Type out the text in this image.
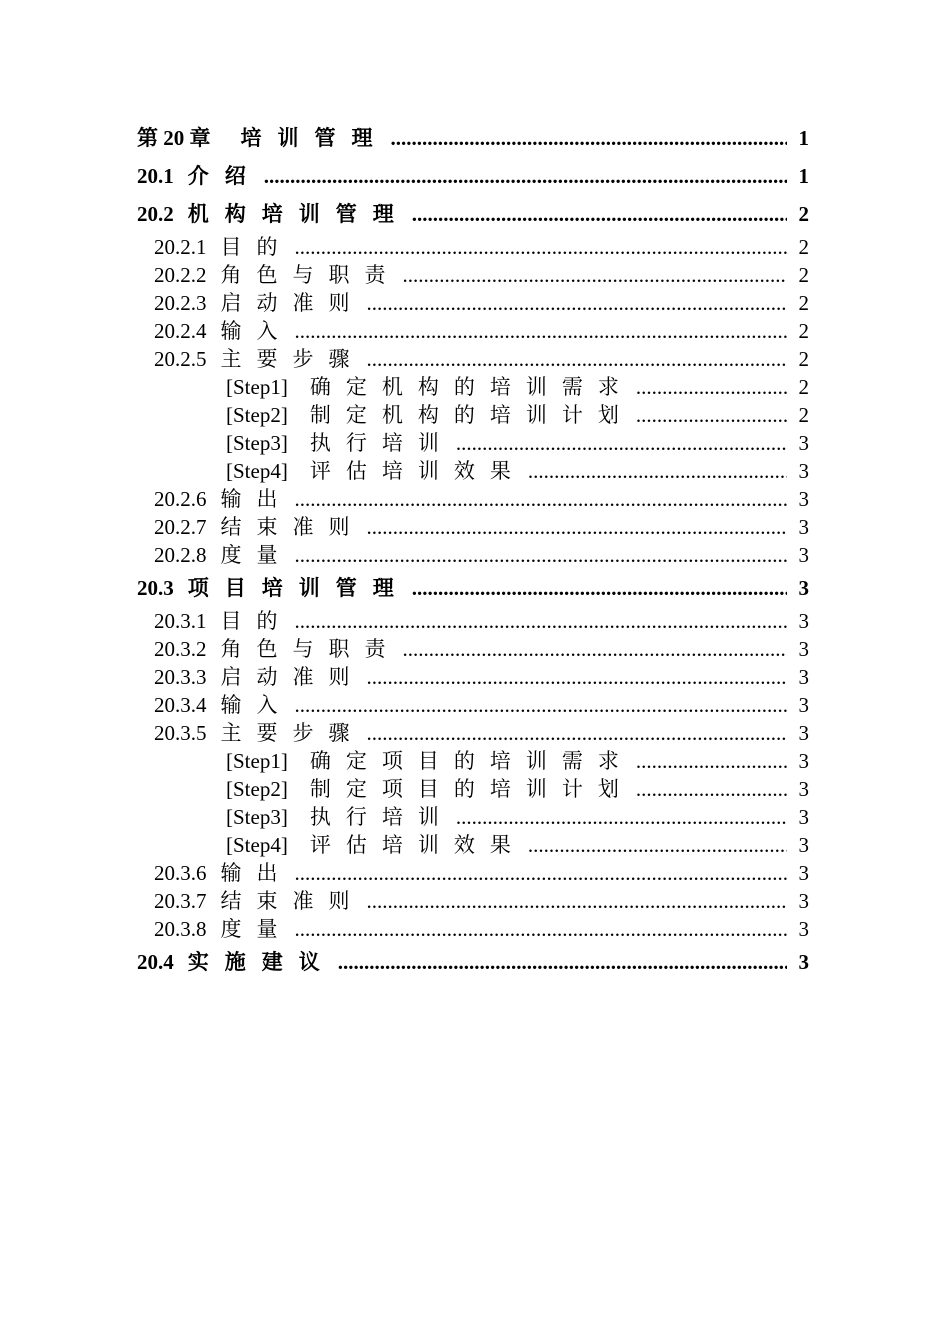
第 20 章 培训管理 .....	1
20.1 介绍 .....	1
20.2 机构培训管理 .....	2
20.2.1 目的 .....	2
20.2.2 角色与职责 .....	2
20.2.3 启动准则 .....	2
20.2.4 输入 .....	2
20.2.5 主要步骤 .....	2
[Step1] 确定机构的培训需求 .....	2
[Step2] 制定机构的培训计划 .....	2
[Step3] 执行培训 .....	3
[Step4] 评估培训效果 .....	3
20.2.6 输出 .....	3
20.2.7 结束准则 .....	3
20.2.8 度量 .....	3
20.3 项目培训管理 .....	3
20.3.1 目的 .....	3
20.3.2 角色与职责 .....	3
20.3.3 启动准则 .....	3
20.3.4 输入 .....	3
20.3.5 主要步骤 .....	3
[Step1] 确定项目的培训需求 .....	3
[Step2] 制定项目的培训计划 .....	3
[Step3] 执行培训 .....	3
[Step4] 评估培训效果 .....	3
20.3.6 输出 .....	3
20.3.7 结束准则 .....	3
20.3.8 度量 .....	3
20.4 实施建议 .....	3
